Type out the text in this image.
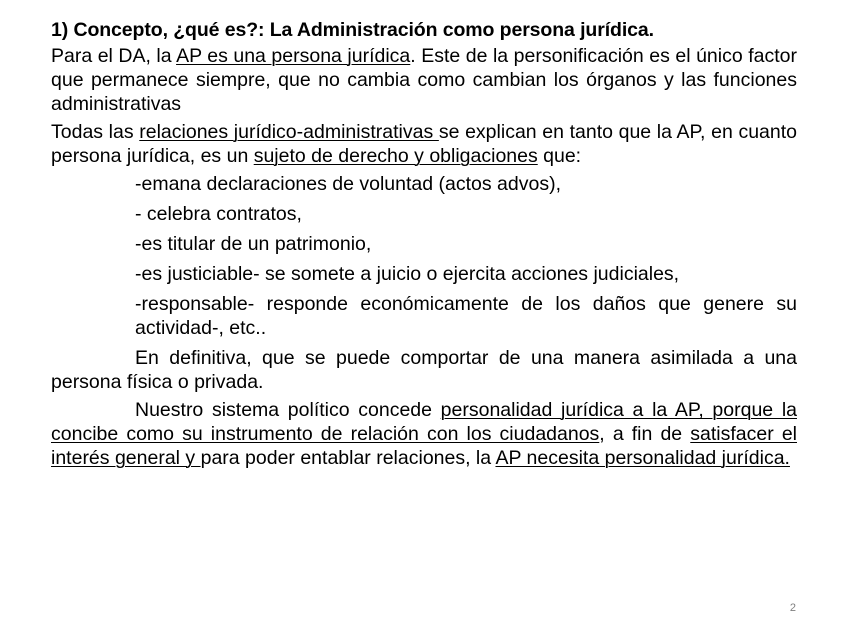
1) Concepto, ¿qué es?: La Administración como persona jurídica.

Para el DA, la AP es una persona jurídica. Este de la personificación es el único factor que permanece siempre, que no cambia como cambian los órganos y las funciones administrativas

Todas las relaciones jurídico-administrativas se explican en tanto que la AP, en cuanto persona jurídica, es un sujeto de derecho y obligaciones que:

-emana declaraciones de voluntad (actos advos),

- celebra contratos,

-es titular de un patrimonio,

-es justiciable- se somete a juicio o ejercita acciones judiciales,

-responsable- responde económicamente de los daños que genere su actividad-, etc..

En definitiva, que se puede comportar de una manera asimilada a una persona física o privada.

Nuestro sistema político concede personalidad jurídica a la AP, porque la concibe como su instrumento de relación con los ciudadanos, a fin de satisfacer el interés general y para poder entablar relaciones, la AP necesita personalidad jurídica.

2
